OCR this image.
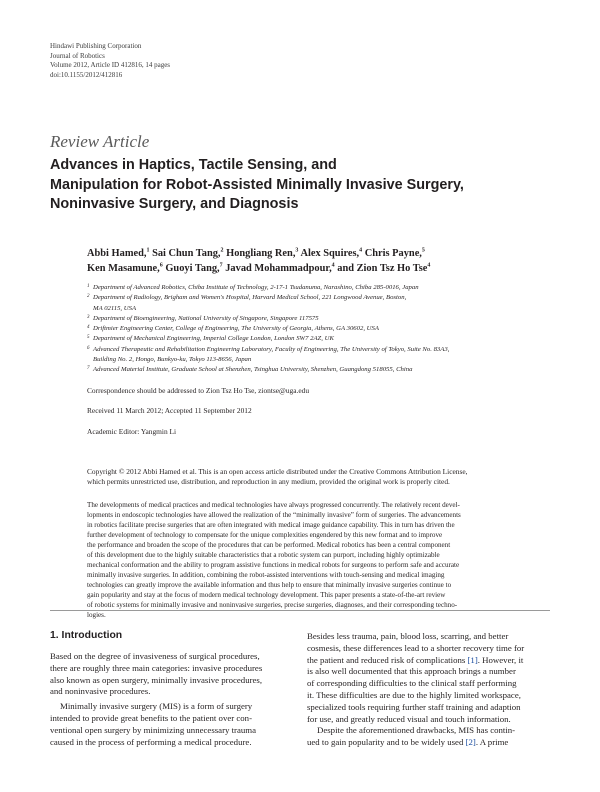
Hindawi Publishing Corporation
Journal of Robotics
Volume 2012, Article ID 412816, 14 pages
doi:10.1155/2012/412816
Review Article
Advances in Haptics, Tactile Sensing, and
Manipulation for Robot-Assisted Minimally Invasive Surgery,
Noninvasive Surgery, and Diagnosis
Abbi Hamed,$^1$ Sai Chun Tang,$^2$ Hongliang Ren,$^3$ Alex Squires,$^4$ Chris Payne,$^5$
Ken Masamune,$^6$ Guoyi Tang,$^7$ Javad Mohammadpour,$^4$ and Zion Tsz Ho Tse$^4$
1 Department of Advanced Robotics, Chiba Institute of Technology, 2-17-1 Tsudanuma, Narashino, Chiba 285-0016, Japan
2 Department of Radiology, Brigham and Women's Hospital, Harvard Medical School, 221 Longwood Avenue, Boston,
MA 02115, USA
3 Department of Bioengineering, National University of Singapore, Singapore 117575
4 Driftmier Engineering Center, College of Engineering, The University of Georgia, Athens, GA 30602, USA
5 Department of Mechanical Engineering, Imperial College London, London SW7 2AZ, UK
6 Advanced Therapeutic and Rehabilitation Engineering Laboratory, Faculty of Engineering, The University of Tokyo, Suite No. 83A3,
Building No. 2, Hongo, Bunkyo-ku, Tokyo 113-8656, Japan
7 Advanced Material Institute, Graduate School at Shenzhen, Tsinghua University, Shenzhen, Guangdong 518055, China
Correspondence should be addressed to Zion Tsz Ho Tse, ziontse@uga.edu
Received 11 March 2012; Accepted 11 September 2012
Academic Editor: Yangmin Li
Copyright © 2012 Abbi Hamed et al. This is an open access article distributed under the Creative Commons Attribution License,
which permits unrestricted use, distribution, and reproduction in any medium, provided the original work is properly cited.
The developments of medical practices and medical technologies have always progressed concurrently. The relatively recent devel-
lopments in endoscopic technologies have allowed the realization of the “minimally invasive” form of surgeries. The advancements
in robotics facilitate precise surgeries that are often integrated with medical image guidance capability. This in turn has driven the
further development of technology to compensate for the unique complexities engendered by this new format and to improve
the performance and broaden the scope of the procedures that can be performed. Medical robotics has been a central component
of this development due to the highly suitable characteristics that a robotic system can purport, including highly optimizable
mechanical conformation and the ability to program assistive functions in medical robots for surgeons to perform safe and accurate
minimally invasive surgeries. In addition, combining the robot-assisted interventions with touch-sensing and medical imaging
technologies can greatly improve the available information and thus help to ensure that minimally invasive surgeries continue to
gain popularity and stay at the focus of modern medical technology development. This paper presents a state-of-the-art review
of robotic systems for minimally invasive and noninvasive surgeries, precise surgeries, diagnoses, and their corresponding techno-
logies.
1. Introduction
Based on the degree of invasiveness of surgical procedures,
there are roughly three main categories: invasive procedures
also known as open surgery, minimally invasive procedures,
and noninvasive procedures.
Minimally invasive surgery (MIS) is a form of surgery
intended to provide great benefits to the patient over con-
ventional open surgery by minimizing unnecessary trauma
caused in the process of performing a medical procedure.
Besides less trauma, pain, blood loss, scarring, and better
cosmesis, these differences lead to a shorter recovery time for
the patient and reduced risk of complications [1]. However, it
is also well documented that this approach brings a number
of corresponding difficulties to the clinical staff performing
it. These difficulties are due to the highly limited workspace,
specialized tools requiring further staff training and adaption
for use, and greatly reduced visual and touch information.
Despite the aforementioned drawbacks, MIS has contin-
ued to gain popularity and to be widely used [2]. A prime
